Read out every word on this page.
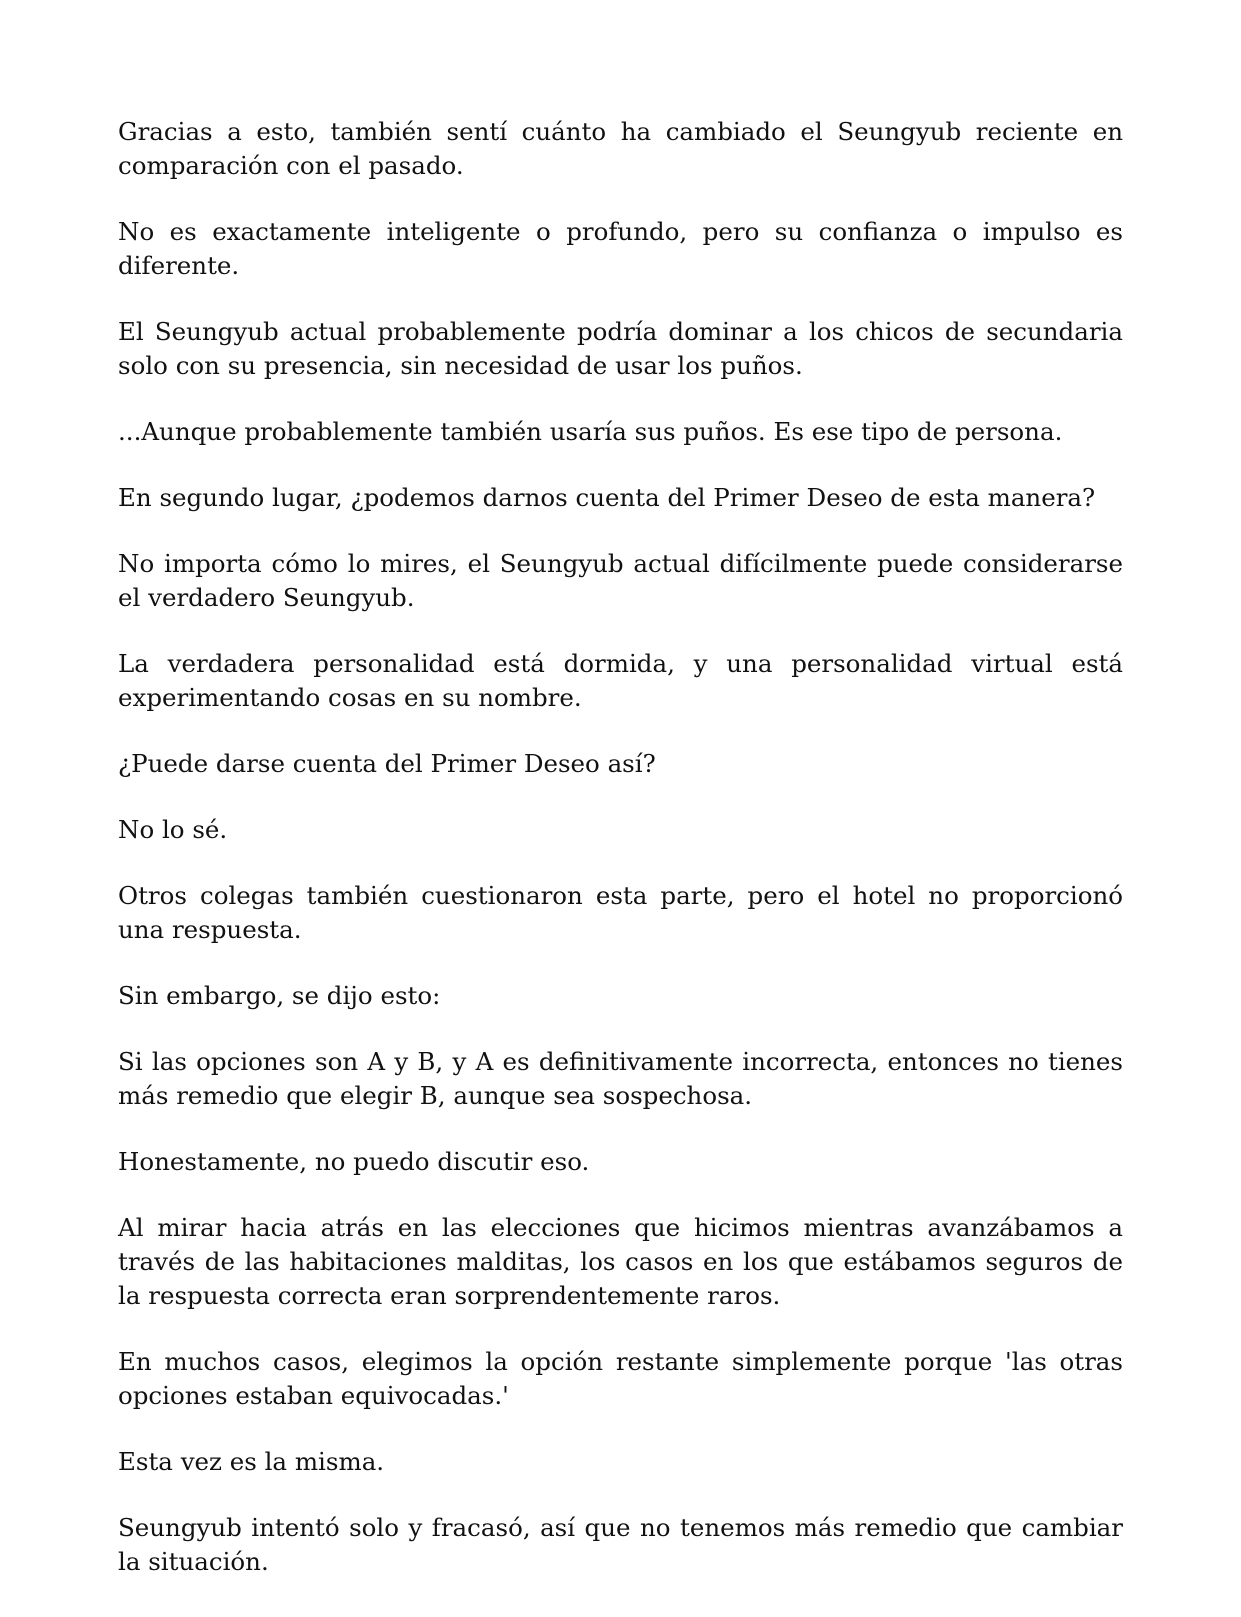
Gracias a esto, también sentí cuánto ha cambiado el Seungyub reciente en comparación con el pasado.

No es exactamente inteligente o profundo, pero su confianza o impulso es diferente.

El Seungyub actual probablemente podría dominar a los chicos de secundaria solo con su presencia, sin necesidad de usar los puños.

...Aunque probablemente también usaría sus puños. Es ese tipo de persona.

En segundo lugar, ¿podemos darnos cuenta del Primer Deseo de esta manera?

No importa cómo lo mires, el Seungyub actual difícilmente puede considerarse el verdadero Seungyub.

La verdadera personalidad está dormida, y una personalidad virtual está experimentando cosas en su nombre.

¿Puede darse cuenta del Primer Deseo así?

No lo sé.

Otros colegas también cuestionaron esta parte, pero el hotel no proporcionó una respuesta.

Sin embargo, se dijo esto:

Si las opciones son A y B, y A es definitivamente incorrecta, entonces no tienes más remedio que elegir B, aunque sea sospechosa.

Honestamente, no puedo discutir eso.

Al mirar hacia atrás en las elecciones que hicimos mientras avanzábamos a través de las habitaciones malditas, los casos en los que estábamos seguros de la respuesta correcta eran sorprendentemente raros.

En muchos casos, elegimos la opción restante simplemente porque 'las otras opciones estaban equivocadas.'

Esta vez es la misma.

Seungyub intentó solo y fracasó, así que no tenemos más remedio que cambiar la situación.
